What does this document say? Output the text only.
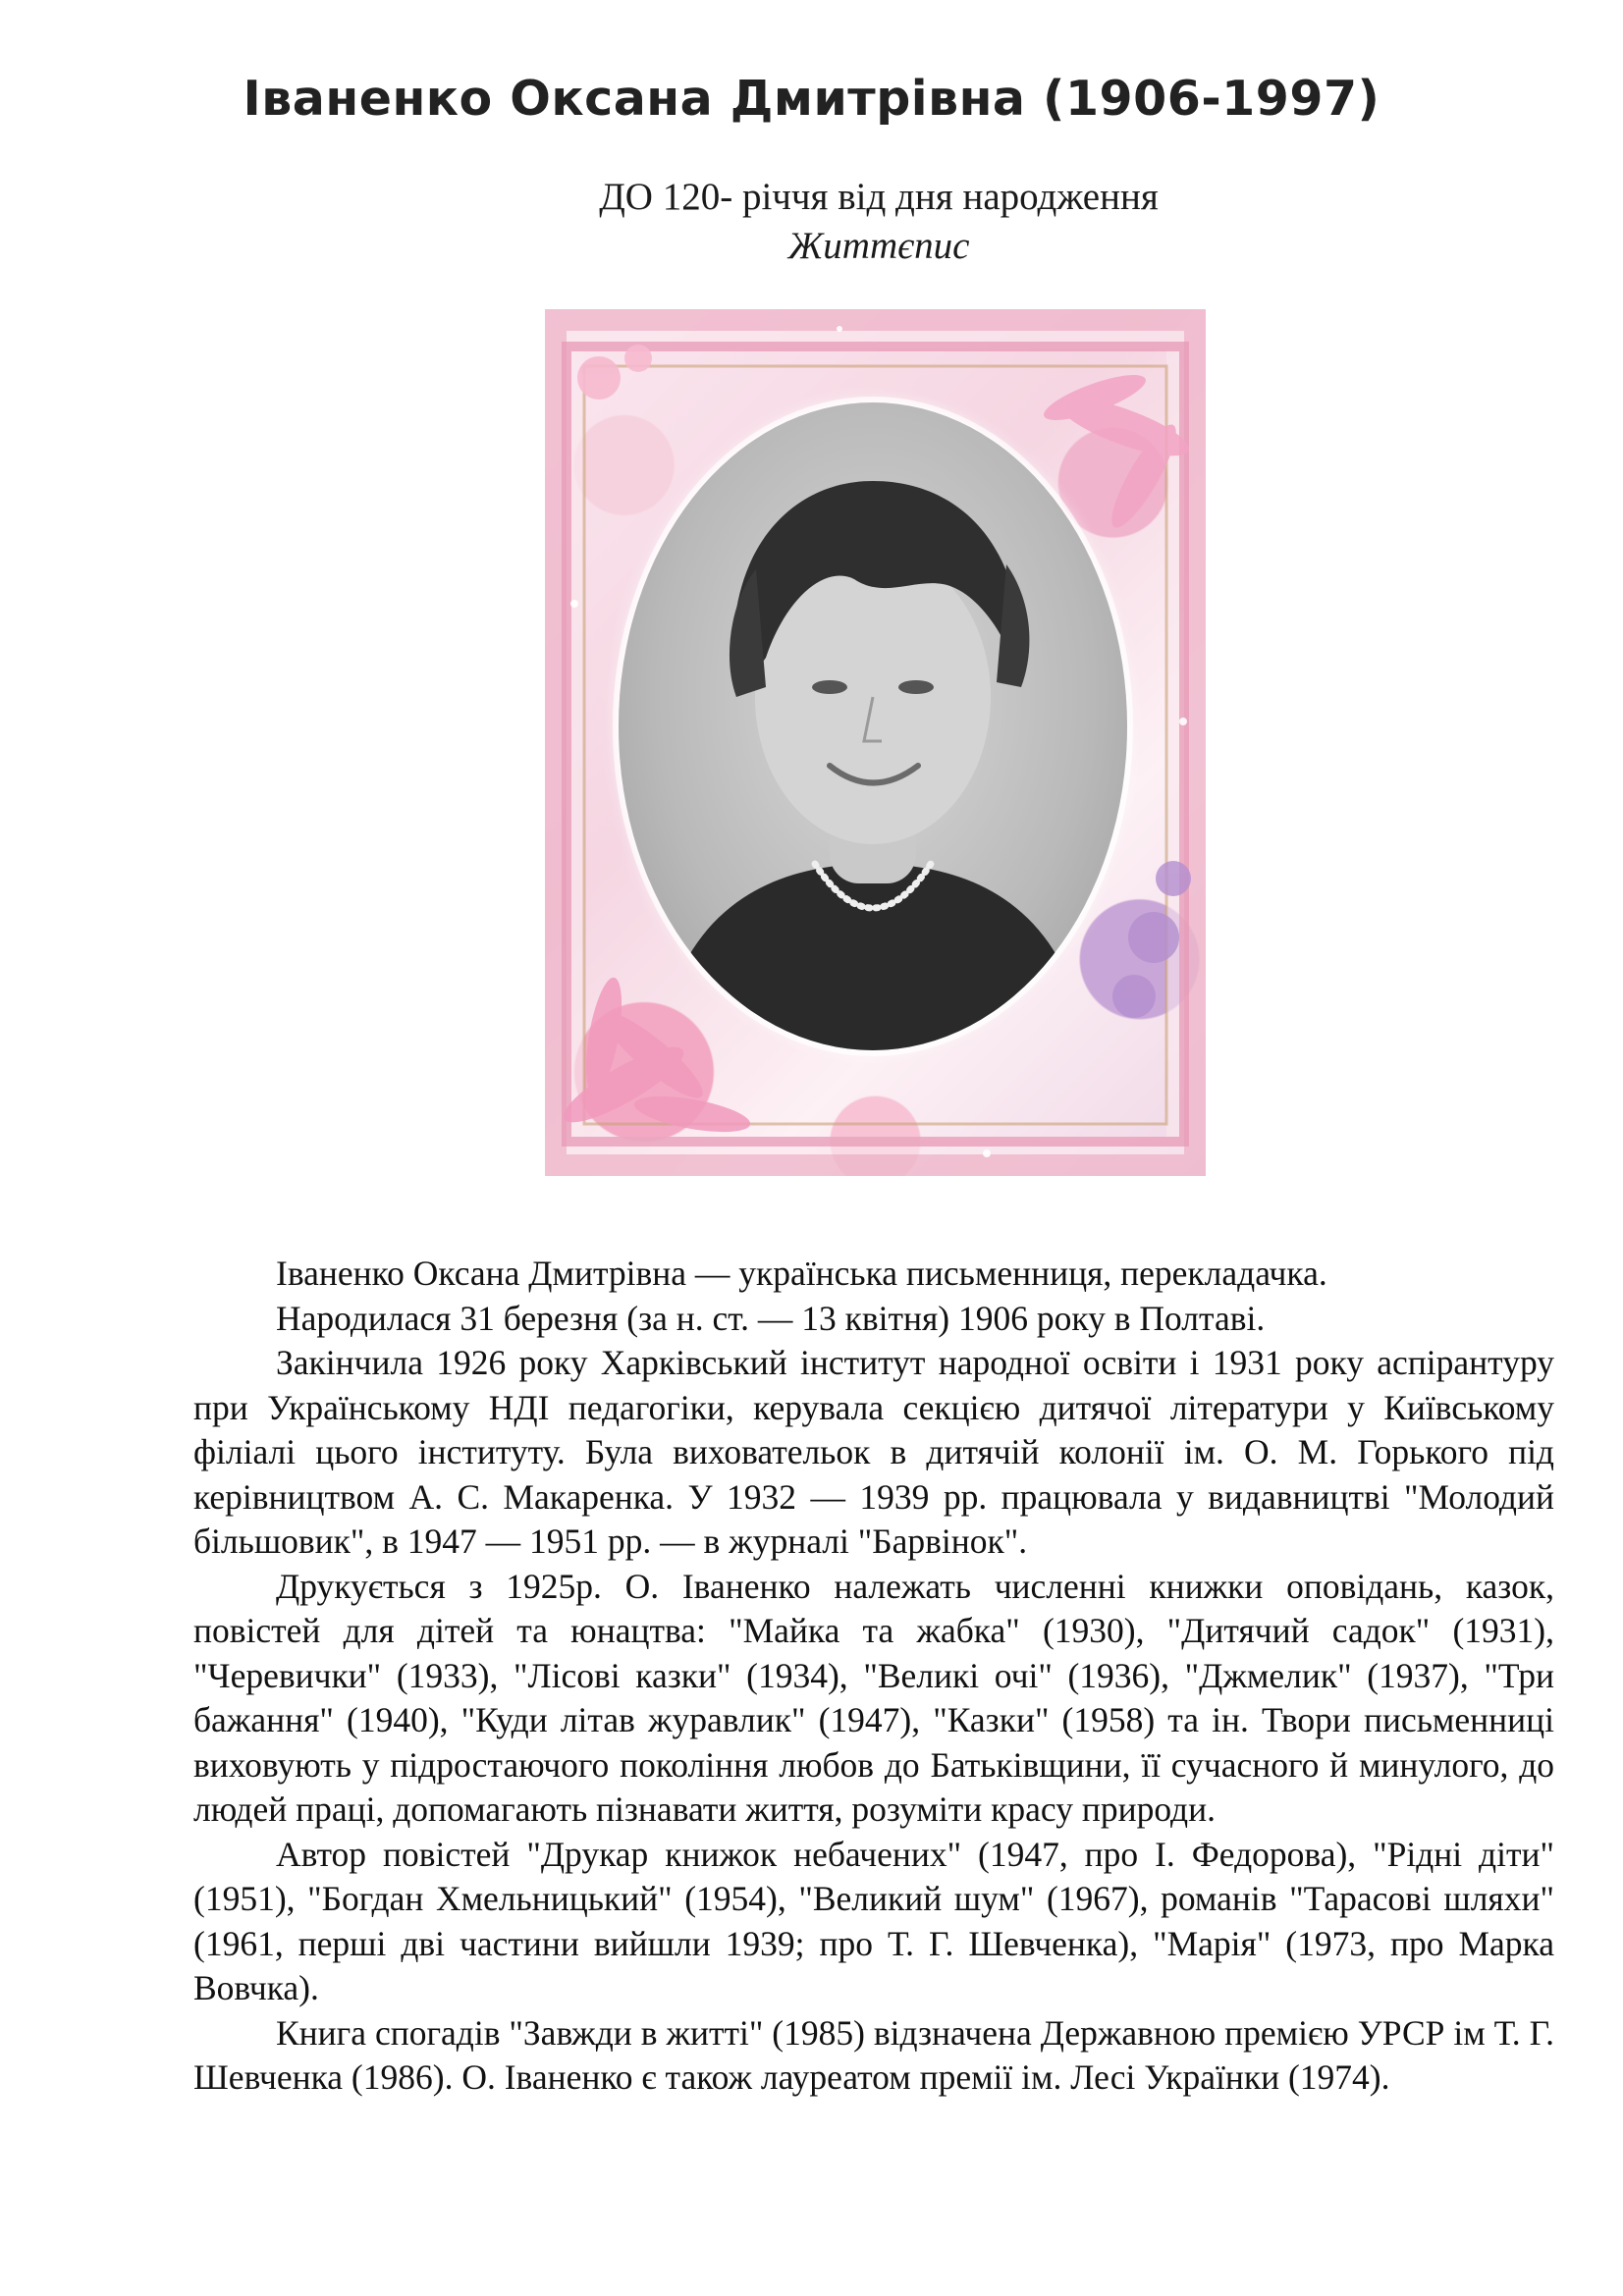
Іваненко Оксана Дмитрівна (1906-1997)
ДО 120- річчя від дня народження
Життєпис

Іваненко Оксана Дмитрівна — українська письменниця, перекладачка.

Народилася 31 березня (за н. ст. — 13 квітня) 1906 року в Полтаві.

Закінчила 1926 року Харківський інститут народної освіти і 1931 року аспірантуру при Українському НДІ педагогіки, керувала секцією дитячої літератури у Київському філіалі цього інституту. Була виховательок в дитячій колонії ім. О. М. Горького під керівництвом А. С. Макаренка. У 1932 — 1939 рр. працювала у видавництві "Молодий більшовик", в 1947 — 1951 рр. — в журналі "Барвінок".

Друкується з 1925р. О. Іваненко належать численні книжки оповідань, казок, повістей для дітей та юнацтва: "Майка та жабка" (1930), "Дитячий садок" (1931), "Черевички" (1933), "Лісові казки" (1934), "Великі очі" (1936), "Джмелик" (1937), "Три бажання" (1940), "Куди літав журавлик" (1947), "Казки" (1958) та ін. Твори письменниці виховують у підростаючого покоління любов до Батьківщини, її сучасного й минулого, до людей праці, допомагають пізнавати життя, розуміти красу природи.

Автор повістей "Друкар книжок небачених" (1947, про І. Федорова), "Рідні діти" (1951), "Богдан Хмельницький" (1954), "Великий шум" (1967), романів "Тарасові шляхи" (1961, перші дві частини вийшли 1939; про Т. Г. Шевченка), "Марія" (1973, про Марка Вовчка).

Книга спогадів "Завжди в житті" (1985) відзначена Державною премією УРСР ім Т. Г. Шевченка (1986). О. Іваненко є також лауреатом премії ім. Лесі Українки (1974).
